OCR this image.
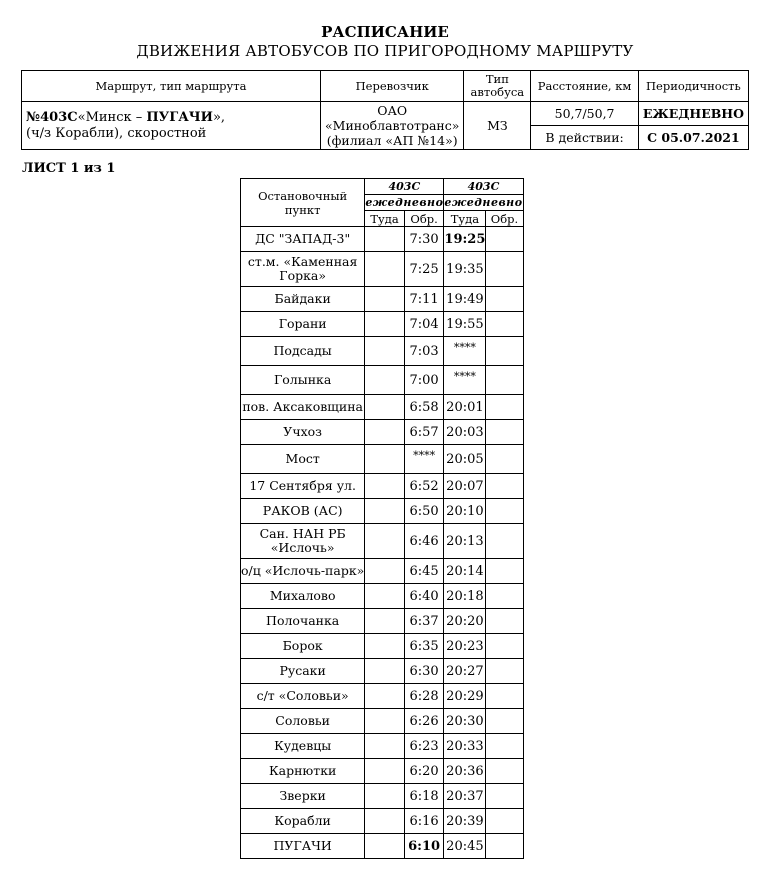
РАСПИСАНИЕ
ДВИЖЕНИЯ АВТОБУСОВ ПО ПРИГОРОДНОМУ МАРШРУТУ
Маршрут, тип маршрута	Перевозчик	Тип автобуса	Расстояние, км	Периодичность
№403С«Минск – ПУГАЧИ»,
(ч/з Корабли), скоростной	ОАО
«Миноблавтотранс»
(филиал «АП №14»)	МЗ	50,7/50,7	ЕЖЕДНЕВНО
			В действии:	С 05.07.2021
ЛИСТ 1 из 1
Остановочный пункт	403С		403С	
	ежедневно		ежедневно	
	Туда	Обр.	Туда	Обр.
ДС "ЗАПАД-3"		7:30	19:25	
ст.м. «Каменная Горка»		7:25	19:35	
Байдаки		7:11	19:49	
Горани		7:04	19:55	
Подсады		7:03	****	
Голынка		7:00	****	
пов. Аксаковщина		6:58	20:01	
Учхоз		6:57	20:03	
Мост		****	20:05	
17 Сентября ул.		6:52	20:07	
РАКОВ (АС)		6:50	20:10	
Сан. НАН РБ «Ислочь»		6:46	20:13	
о/ц «Ислочь-парк»		6:45	20:14	
Михалово		6:40	20:18	
Полочанка		6:37	20:20	
Борок		6:35	20:23	
Русаки		6:30	20:27	
с/т «Соловьи»		6:28	20:29	
Соловьи		6:26	20:30	
Кудевцы		6:23	20:33	
Карнютки		6:20	20:36	
Зверки		6:18	20:37	
Корабли		6:16	20:39	
ПУГАЧИ		6:10	20:45	
